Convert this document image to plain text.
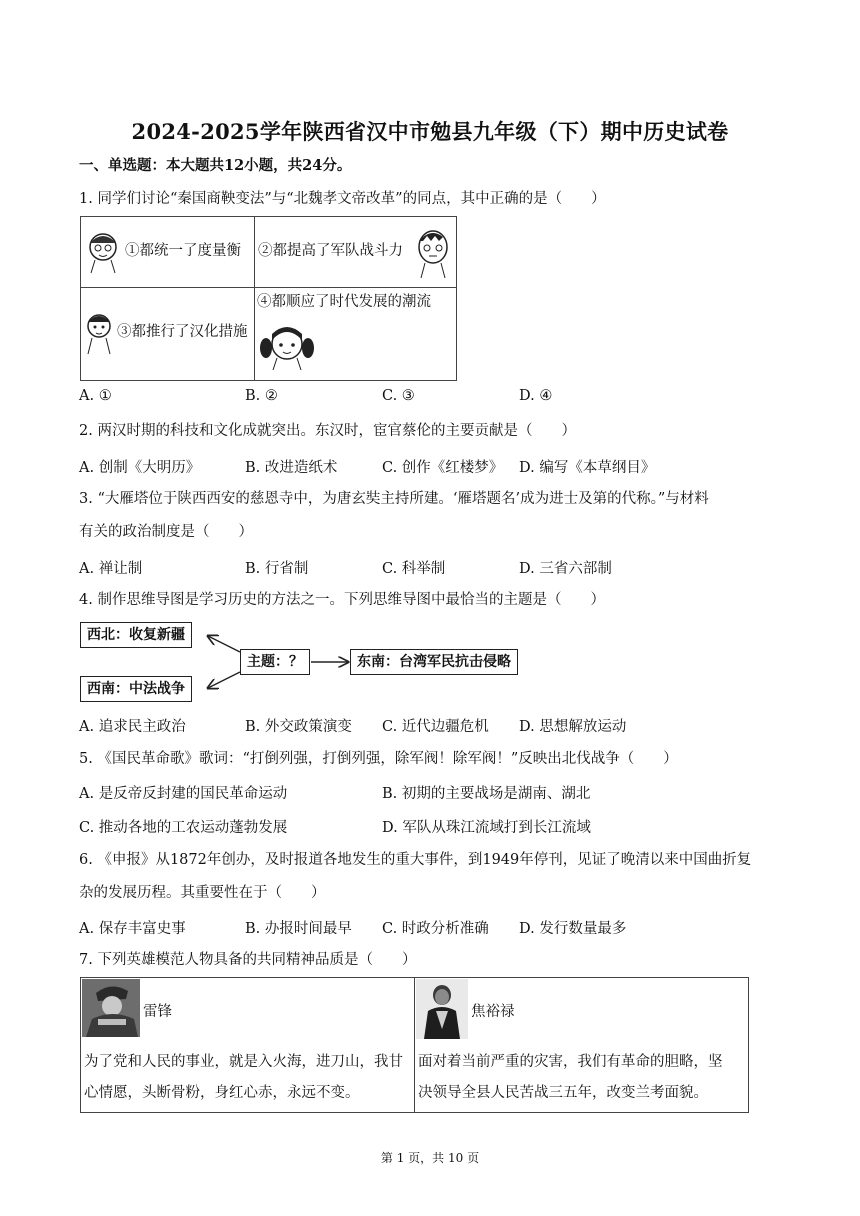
2024-2025学年陕西省汉中市勉县九年级（下）期中历史试卷
一、单选题：本大题共12小题，共24分。
1. 同学们讨论“秦国商鞅变法”与“北魏孝文帝改革”的同点，其中正确的是（　　）
①都统一了度量衡	②都提高了军队战斗力

③都推行了汉化措施	④都顺应了时代发展的潮流
A. ①	B. ②	C. ③	D. ④
2. 两汉时期的科技和文化成就突出。东汉时，宦官蔡伦的主要贡献是（　　）
A. 创制《大明历》	B. 改进造纸术	C. 创作《红楼梦》 D. 编写《本草纲目》
3. “大雁塔位于陕西西安的慈恩寺中，为唐玄奘主持所建。‘雁塔题名’成为进士及第的代称。”与材料
有关的政治制度是（　　）
A. 禅让制	B. 行省制	C. 科举制	D. 三省六部制
4. 制作思维导图是学习历史的方法之一。下列思维导图中最恰当的主题是（　　）
西北：收复新疆
西南：中法战争
主题：？	东南：台湾军民抗击侵略
A. 追求民主政治	B. 外交政策演变 C. 近代边疆危机 D. 思想解放运动
5. 《国民革命歌》歌词：“打倒列强，打倒列强，除军阀！除军阀！”反映出北伐战争（　　）
A. 是反帝反封建的国民革命运动	B. 初期的主要战场是湖南、湖北
C. 推动各地的工农运动蓬勃发展	D. 军队从珠江流域打到长江流域
6. 《申报》从1872年创办，及时报道各地发生的重大事件，到1949年停刊，见证了晚清以来中国曲折复
杂的发展历程。其重要性在于（　　）
A. 保存丰富史事	B. 办报时间最早 C. 时政分析准确 D. 发行数量最多
7. 下列英雄模范人物具备的共同精神品质是（　　）
雷锋
为了党和人民的事业，就是入火海，进刀山，我甘
心情愿，头断骨粉，身红心赤，永远不变。

焦裕禄
面对着当前严重的灾害，我们有革命的胆略，坚
决领导全县人民苦战三五年，改变兰考面貌。
第 1 页，共 10 页
